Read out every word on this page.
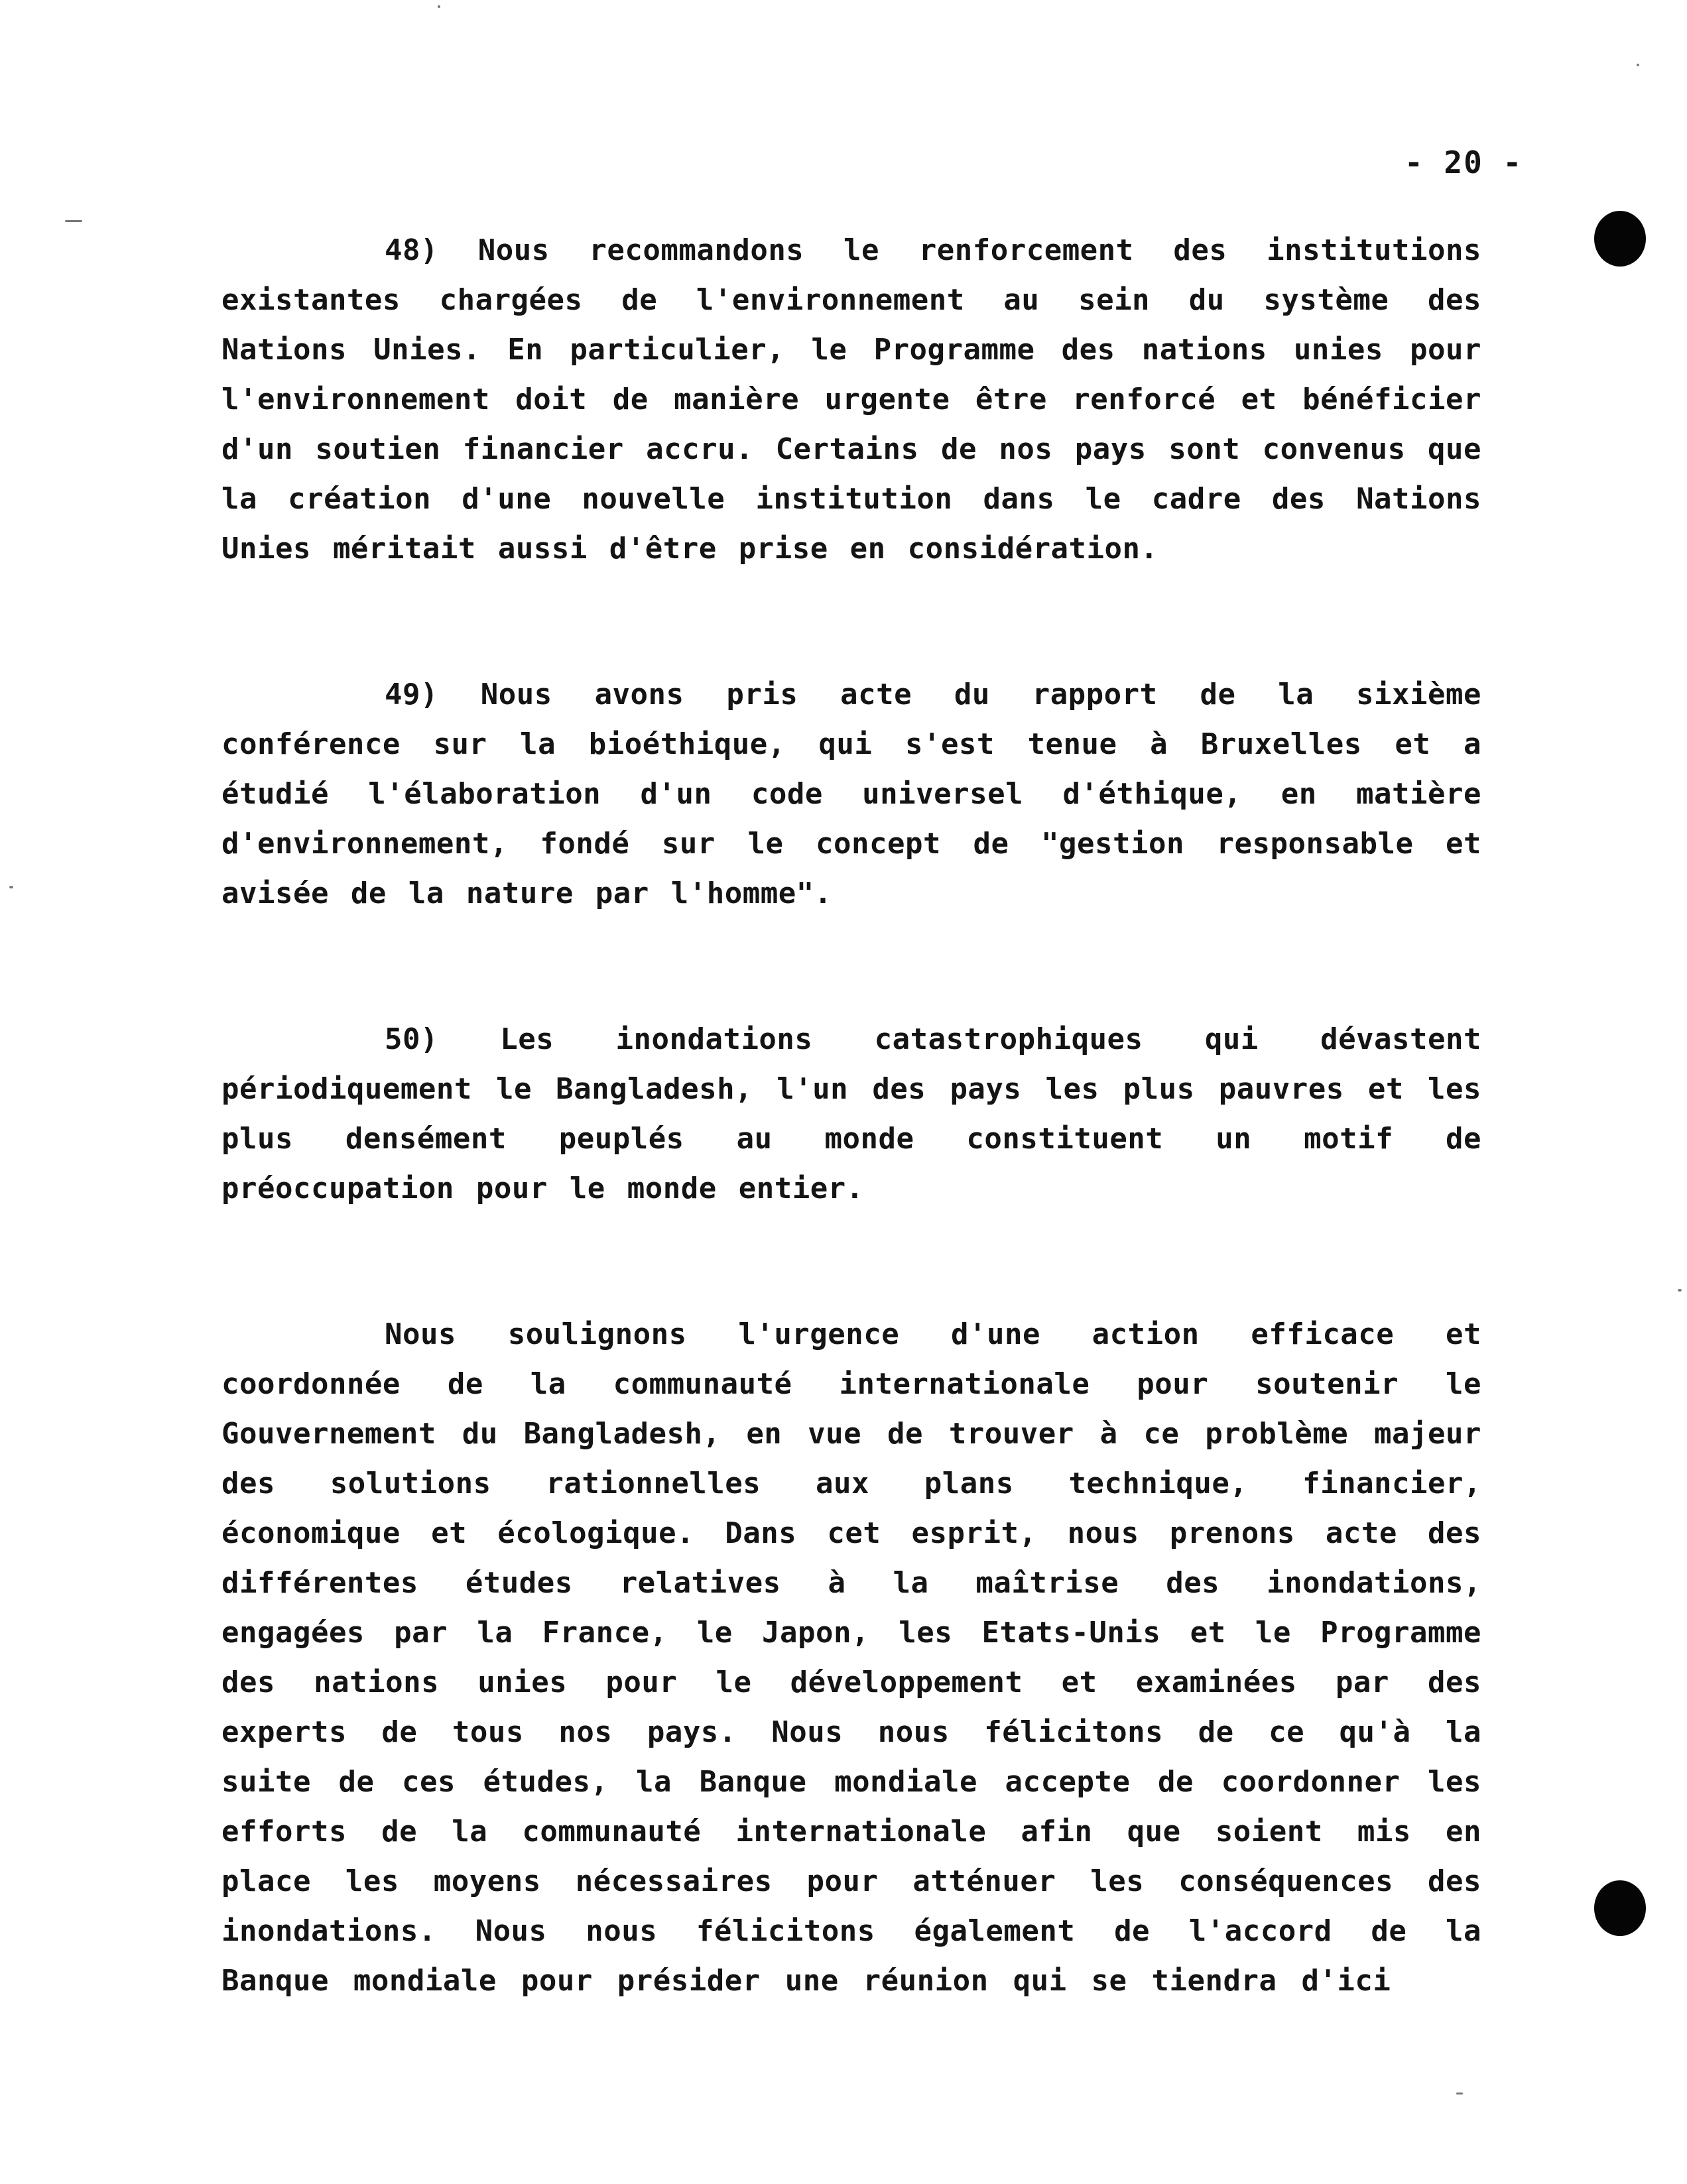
- 20 -

48) Nous recommandons le renforcement des institutions existantes chargées de l'environnement au sein du système des Nations Unies. En particulier, le Programme des nations unies pour l'environnement doit de manière urgente être renforcé et bénéficier d'un soutien financier accru. Certains de nos pays sont convenus que la création d'une nouvelle institution dans le cadre des Nations Unies méritait aussi d'être prise en considération.

49) Nous avons pris acte du rapport de la sixième conférence sur la bioéthique, qui s'est tenue à Bruxelles et a étudié l'élaboration d'un code universel d'éthique, en matière d'environnement, fondé sur le concept de "gestion responsable et avisée de la nature par l'homme".

50) Les inondations catastrophiques qui dévastent périodiquement le Bangladesh, l'un des pays les plus pauvres et les plus densément peuplés au monde constituent un motif de préoccupation pour le monde entier.

Nous soulignons l'urgence d'une action efficace et coordonnée de la communauté internationale pour soutenir le Gouvernement du Bangladesh, en vue de trouver à ce problème majeur des solutions rationnelles aux plans technique, financier, économique et écologique. Dans cet esprit, nous prenons acte des différentes études relatives à la maîtrise des inondations, engagées par la France, le Japon, les Etats-Unis et le Programme des nations unies pour le développement et examinées par des experts de tous nos pays. Nous nous félicitons de ce qu'à la suite de ces études, la Banque mondiale accepte de coordonner les efforts de la communauté internationale afin que soient mis en place les moyens nécessaires pour atténuer les conséquences des inondations. Nous nous félicitons également de l'accord de la Banque mondiale pour présider une réunion qui se tiendra d'ici
